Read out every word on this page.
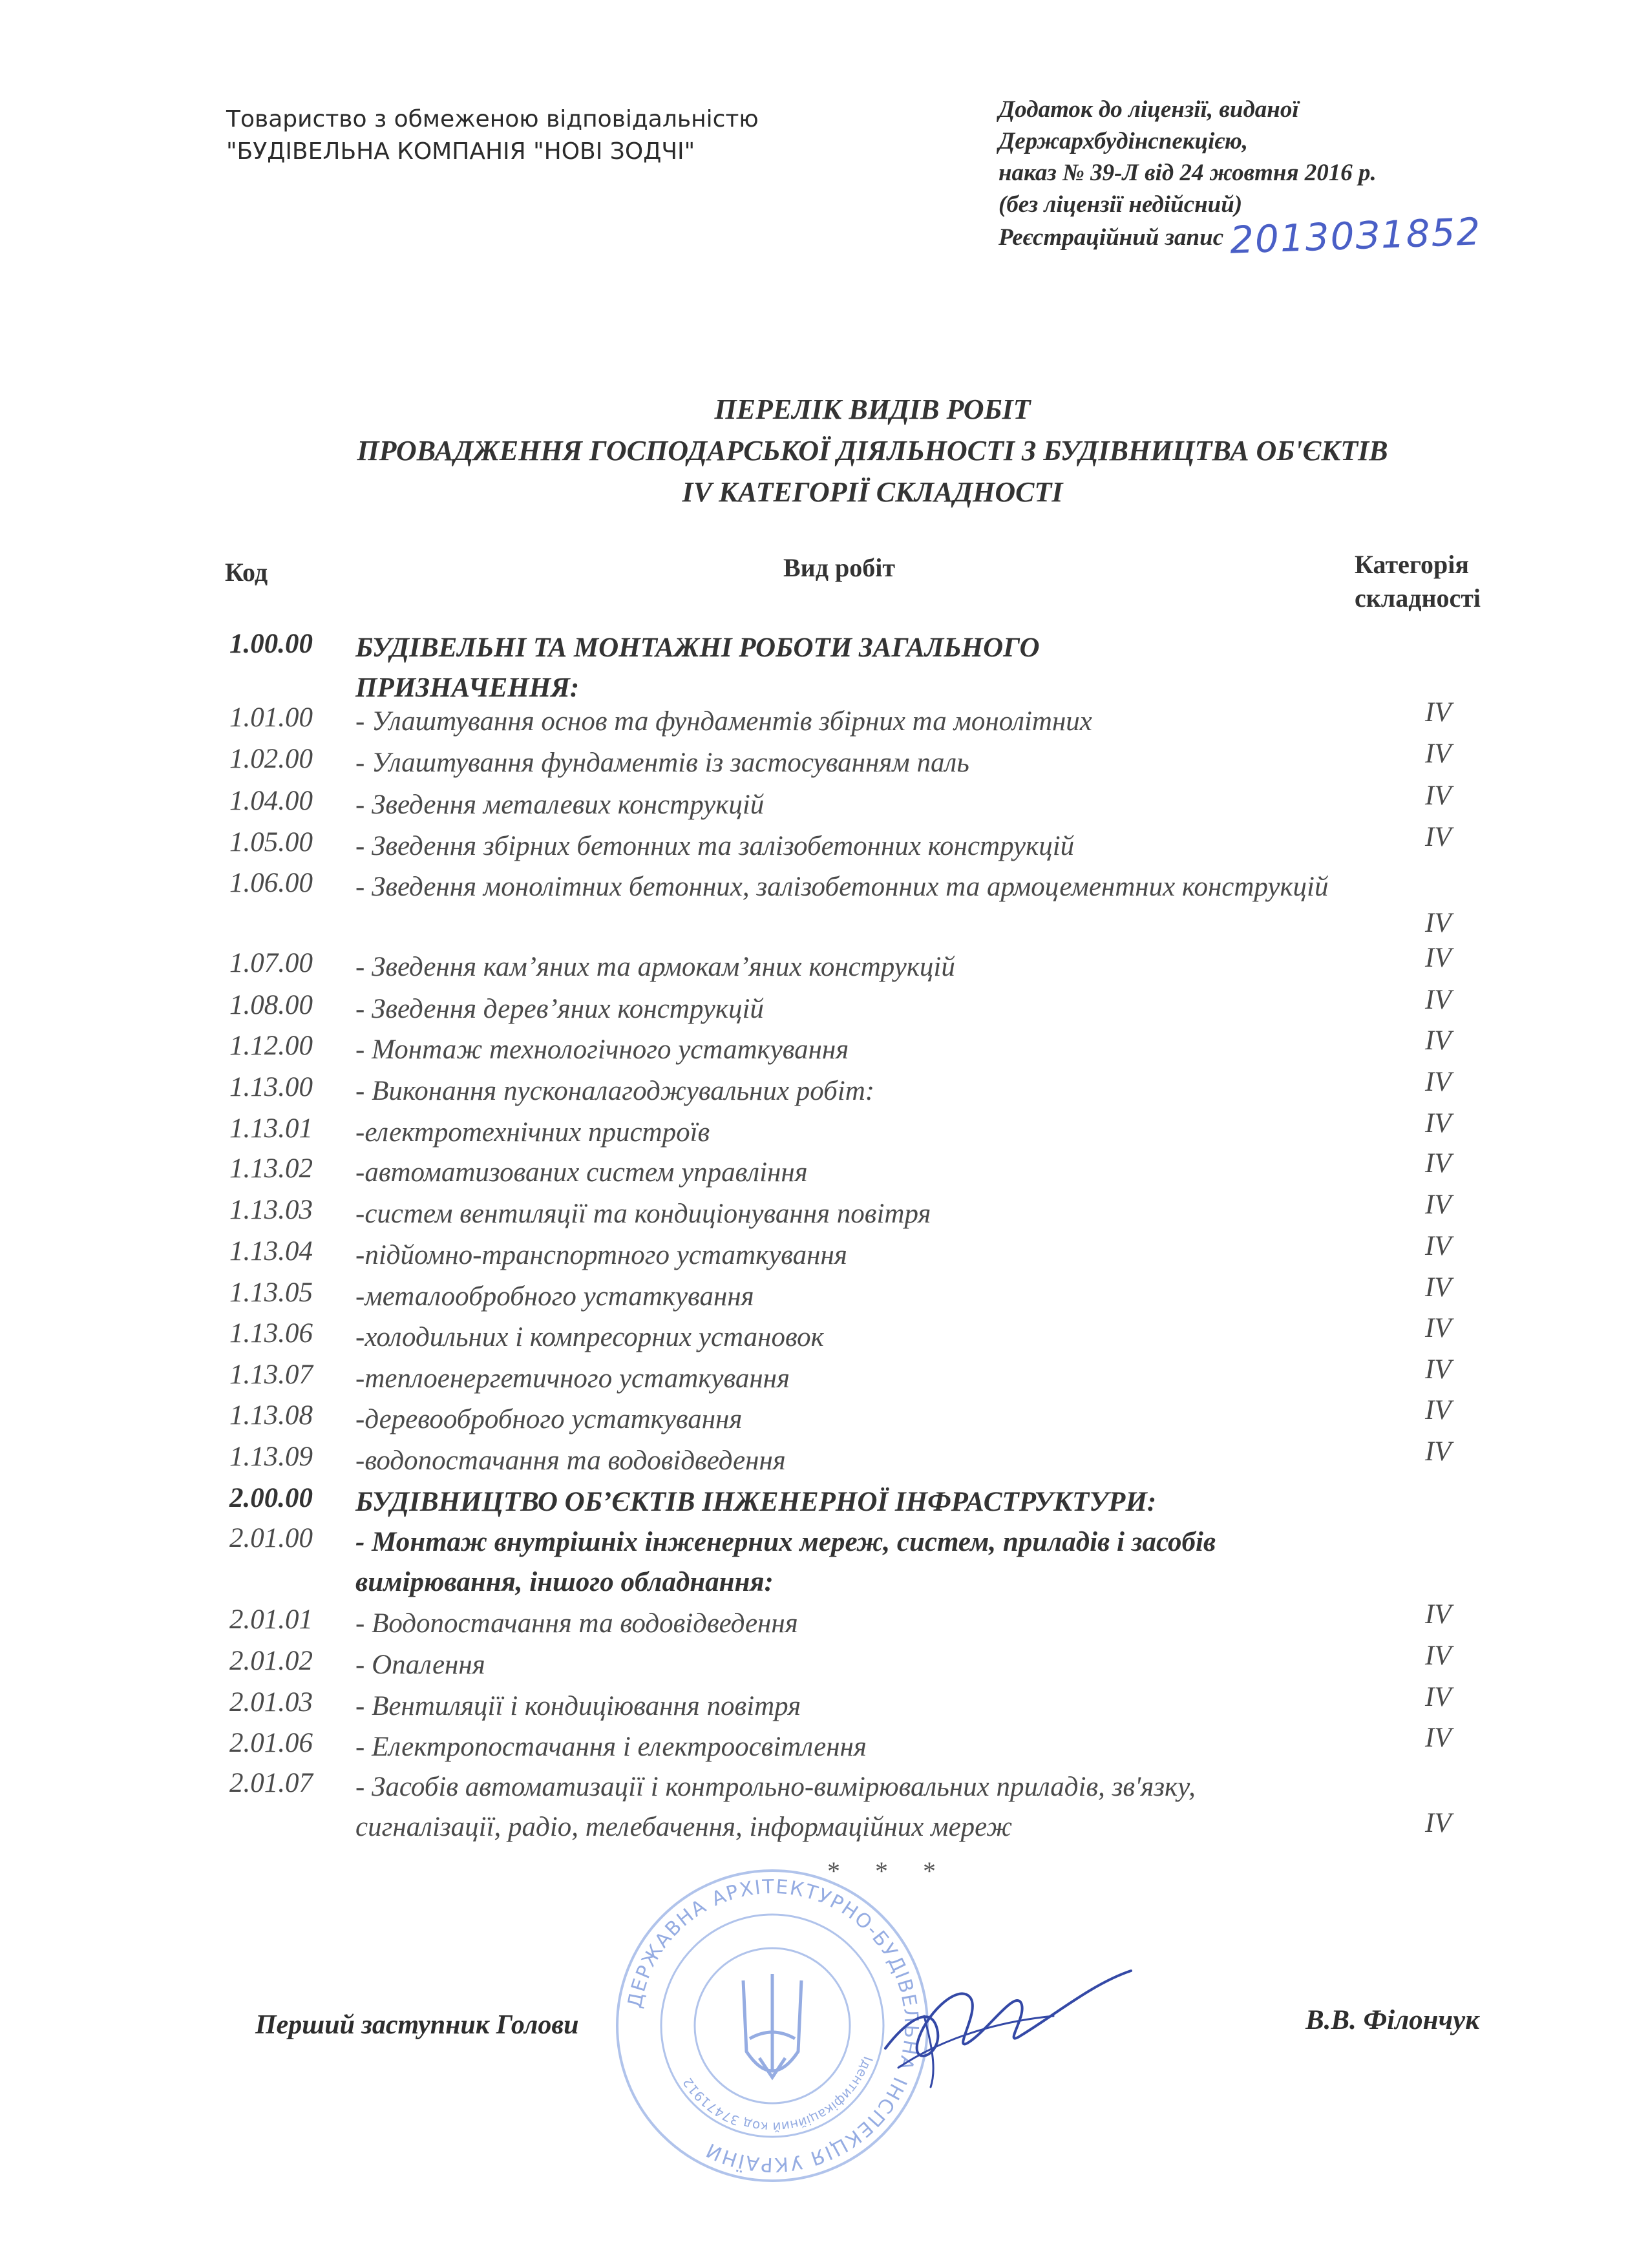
Товариство з обмеженою відповідальністю
"БУДІВЕЛЬНА КОМПАНІЯ "НОВІ ЗОДЧІ"
Додаток до ліцензії, виданої
Держархбудінспекцією,
наказ № 39-Л від 24 жовтня 2016 р.
(без ліцензії недійсний)
Реєстраційний запис 20130З1852
ПЕРЕЛІК ВИДІВ РОБІТ
ПРОВАДЖЕННЯ ГОСПОДАРСЬКОЇ ДІЯЛЬНОСТІ З БУДІВНИЦТВА ОБ'ЄКТІВ
IV КАТЕГОРІЇ СКЛАДНОСТІ
Код	Вид робіт	Категорія
складності
1.00.00 БУДІВЕЛЬНІ ТА МОНТАЖНІ РОБОТИ ЗАГАЛЬНОГО ПРИЗНАЧЕННЯ:
1.01.00 - Улаштування основ та фундаментів збірних та монолітних	IV
1.02.00 - Улаштування фундаментів із застосуванням паль	IV
1.04.00 - Зведення металевих конструкцій	IV
1.05.00 - Зведення збірних бетонних та залізобетонних конструкцій	IV
1.06.00 - Зведення монолітних бетонних, залізобетонних та армоцементних конструкцій
IV
1.07.00 - Зведення кам’яних та армокам’яних конструкцій	IV
1.08.00 - Зведення дерев’яних конструкцій	IV
1.12.00 - Монтаж технологічного устаткування	IV
1.13.00 - Виконання пусконалагоджувальних робіт:	IV
1.13.01 -електротехнічних пристроїв	IV
1.13.02 -автоматизованих систем управління	IV
1.13.03 -систем вентиляції та кондиціонування повітря	IV
1.13.04 -підйомно-транспортного устаткування	IV
1.13.05 -металообробного устаткування	IV
1.13.06 -холодильних і компресорних установок	IV
1.13.07 -теплоенергетичного устаткування	IV
1.13.08 -деревообробного устаткування	IV
1.13.09 -водопостачання та водовідведення	IV
2.00.00 БУДІВНИЦТВО ОБ’ЄКТІВ ІНЖЕНЕРНОЇ ІНФРАСТРУКТУРИ:
2.01.00 - Монтаж внутрішніх інженерних мереж, систем, приладів і засобів вимірювання, іншого обладнання:
2.01.01 - Водопостачання та водовідведення	IV
2.01.02 - Опалення	IV
2.01.03 - Вентиляції і кондиціювання повітря	IV
2.01.06 - Електропостачання і електроосвітлення	IV
2.01.07 - Засобів автоматизації і контрольно-вимірювальних приладів, зв'язку, сигналізації, радіо, телебачення, інформаційних мереж	IV
* * *
ДЕРЖАВНА АРХІТЕКТУРНО-БУДІВЕЛЬНА ІНСПЕКЦІЯ УКРАЇНИ
Ідентифікаційний код 37471912
Перший заступник Голови	В.В. Філончук
